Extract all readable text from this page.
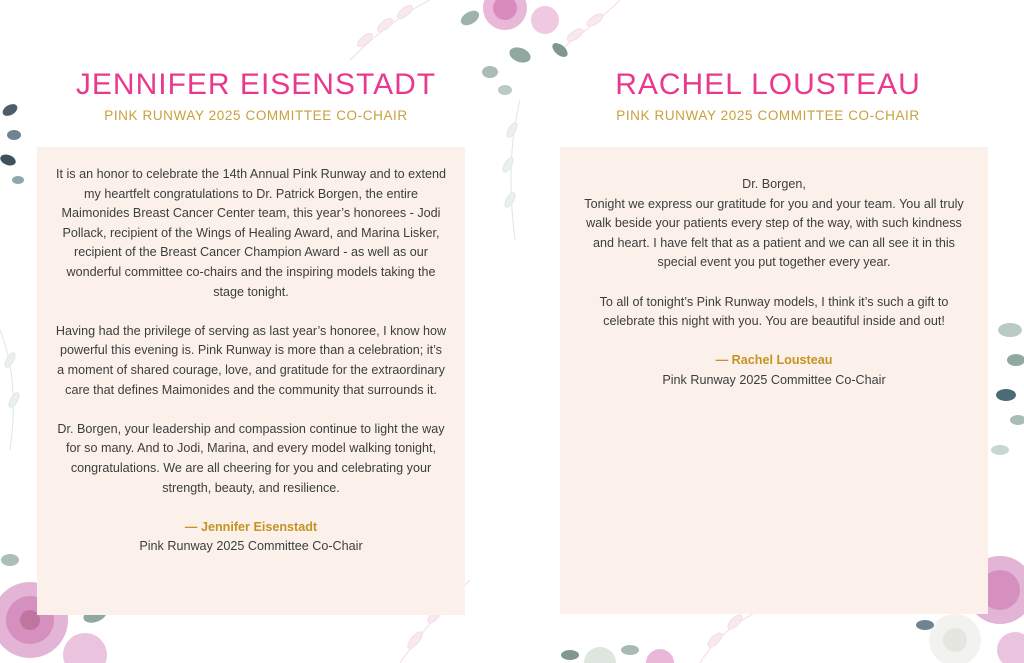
JENNIFER EISENSTADT

PINK RUNWAY 2025 COMMITTEE CO-CHAIR

It is an honor to celebrate the 14th Annual Pink Runway and to extend my heartfelt congratulations to Dr. Patrick Borgen, the entire Maimonides Breast Cancer Center team, this year’s honorees - Jodi Pollack, recipient of the Wings of Healing Award, and Marina Lisker, recipient of the Breast Cancer Champion Award - as well as our wonderful committee co-chairs and the inspiring models taking the stage tonight.

Having had the privilege of serving as last year’s honoree, I know how powerful this evening is. Pink Runway is more than a celebration; it’s a moment of shared courage, love, and gratitude for the extraordinary care that defines Maimonides and the community that surrounds it.

Dr. Borgen, your leadership and compassion continue to light the way for so many. And to Jodi, Marina, and every model walking tonight, congratulations. We are all cheering for you and celebrating your strength, beauty, and resilience.

— Jennifer Eisenstadt

Pink Runway 2025 Committee Co-Chair

RACHEL LOUSTEAU

PINK RUNWAY 2025 COMMITTEE CO-CHAIR

Dr. Borgen,

Tonight we express our gratitude for you and your team. You all truly walk beside your patients every step of the way, with such kindness and heart. I have felt that as a patient and we can all see it in this special event you put together every year.

To all of tonight’s Pink Runway models, I think it’s such a gift to celebrate this night with you. You are beautiful inside and out!

— Rachel Lousteau

Pink Runway 2025 Committee Co-Chair
